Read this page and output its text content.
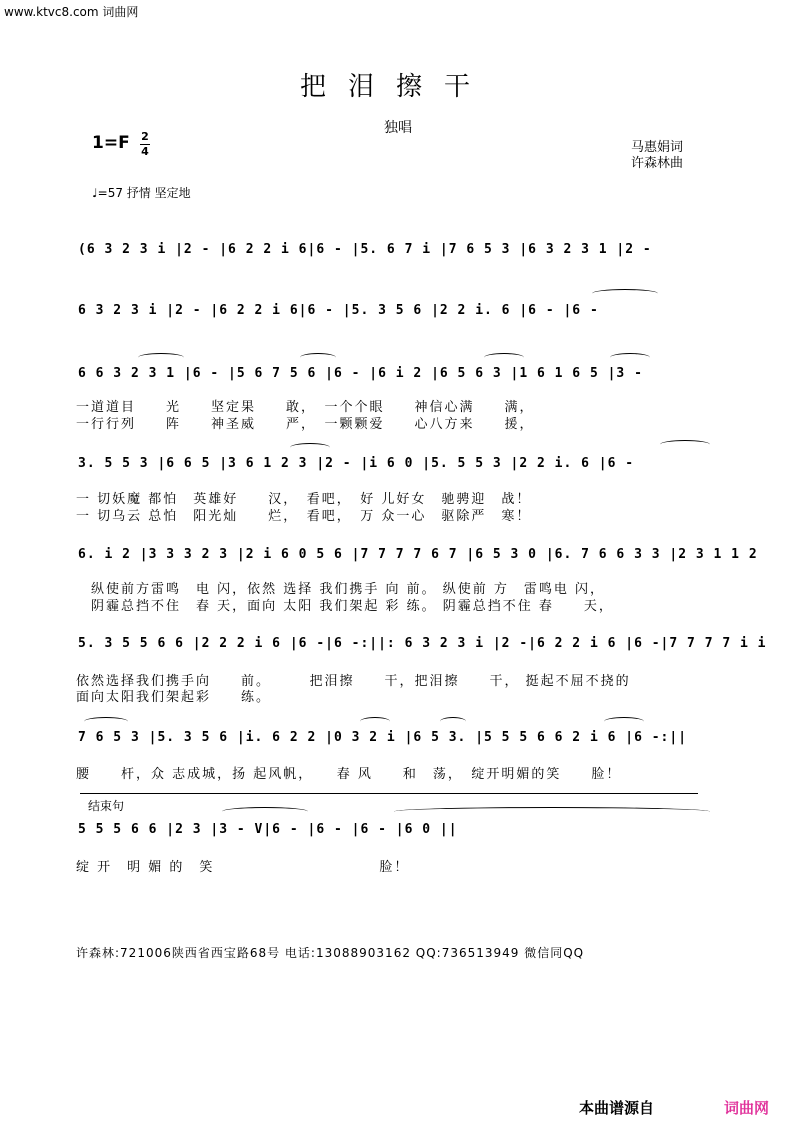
www.ktvc8.com 词曲网
把泪擦干
独唱
1=F 2
4	马惠娟词
许森林曲
♩=57 抒情 坚定地
(6 3 2 3 i |2 - |6 2 2 i 6|6 - |5. 6 7 i |7 6 5 3 |6 3 2 3 1 |2 -
6 3 2 3 i |2 - |6 2 2 i 6|6 - |5. 3 5 6 |2 2 i. 6 |6 - |6 -
6 6 3 2 3 1 |6 - |5 6 7 5 6 |6 - |6 i 2 |6 5 6 3 |1 6 1 6 5 |3 -
3. 5 5 3 |6 6 5 |3 6 1 2 3 |2 - |i 6 0 |5. 5 5 3 |2 2 i. 6 |6 -
6. i 2 |3 3 3 2 3 |2 i 6 0 5 6 |7 7 7 7 6 7 |6 5 3 0 |6. 7 6 6 3 3 |2 3 1 1 2
5. 3 5 5 6 6 |2 2 2 i 6 |6 -|6 -:||: 6 3 2 3 i |2 -|6 2 2 i 6 |6 -|7 7 7 7 i i
7 6 5 3 |5. 3 5 6 |i. 6 2 2 |0 3 2 i |6 5 3. |5 5 5 6 6 2 i 6 |6 -:||
5 5 5 6 6 |2 3 |3 - V|6 - |6 - |6 - |6 0 ||
一道道目　　光　　坚定果　　敢，　一个个眼　　神信心满　　满，
一行行列　　阵　　神圣威　　严，　一颗颗爱　　心八方来　　援，
一 切妖魔 都怕　英雄好　　汉，　看吧，　好 儿好女　驰骋迎　战！
一 切乌云 总怕　阳光灿　　烂，　看吧，　万 众一心　驱除严　寒！
　纵使前方雷鸣　电 闪，依然 选择 我们携手 向 前。 纵使前 方　雷鸣电 闪，
　阴霾总挡不住　春 天，面向 太阳 我们架起 彩 练。 阴霾总挡不住 春　　天，
依然选择我们携手向　　前。　　　把泪擦　　干，把泪擦　　干， 挺起不屈不挠的
面向太阳我们架起彩　　练。
腰　　杆，众 志成城，扬 起风帆，　　春 风　　和　荡，　绽开明媚的笑　　脸！
绽 开　明 媚 的　笑　　　　　　　　　　　脸！
结束句
许森林:721006陕西省西宝路68号 电话:13088903162 QQ:736513949 微信同QQ
本曲谱源自	词曲网
